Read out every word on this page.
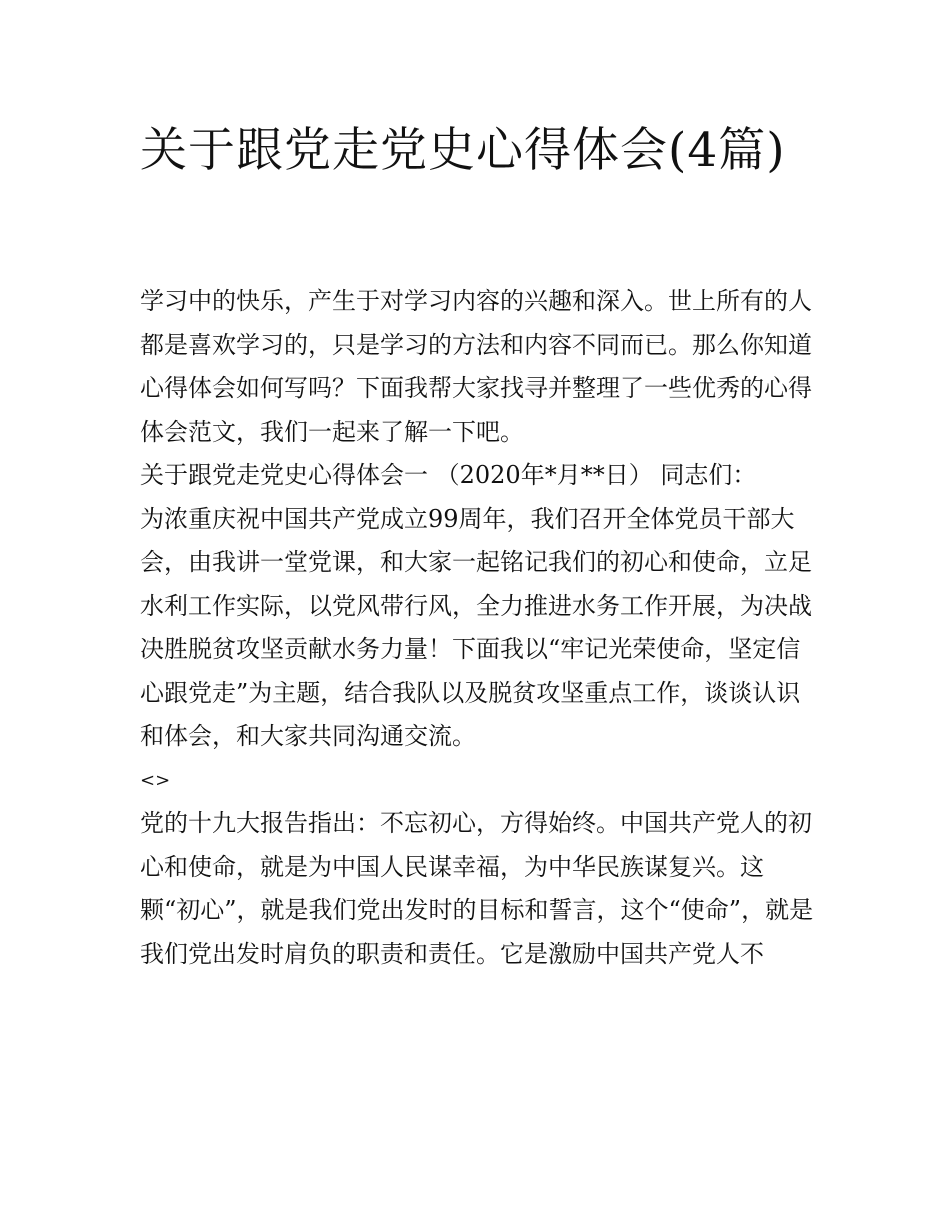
关于跟党走党史心得体会(4篇)

学习中的快乐，产生于对学习内容的兴趣和深入。世上所有的人都是喜欢学习的，只是学习的方法和内容不同而已。那么你知道心得体会如何写吗？下面我帮大家找寻并整理了一些优秀的心得体会范文，我们一起来了解一下吧。

关于跟党走党史心得体会一 （2020年*月**日） 同志们：

为浓重庆祝中国共产党成立99周年，我们召开全体党员干部大会，由我讲一堂党课，和大家一起铭记我们的初心和使命，立足水利工作实际，以党风带行风，全力推进水务工作开展，为决战决胜脱贫攻坚贡献水务力量！下面我以“牢记光荣使命，坚定信心跟党走”为主题，结合我队以及脱贫攻坚重点工作，谈谈认识和体会，和大家共同沟通交流。

<>

党的十九大报告指出：不忘初心，方得始终。中国共产党人的初心和使命，就是为中国人民谋幸福，为中华民族谋复兴。这颗“初心”，就是我们党出发时的目标和誓言，这个“使命”，就是我们党出发时肩负的职责和责任。它是激励中国共产党人不
